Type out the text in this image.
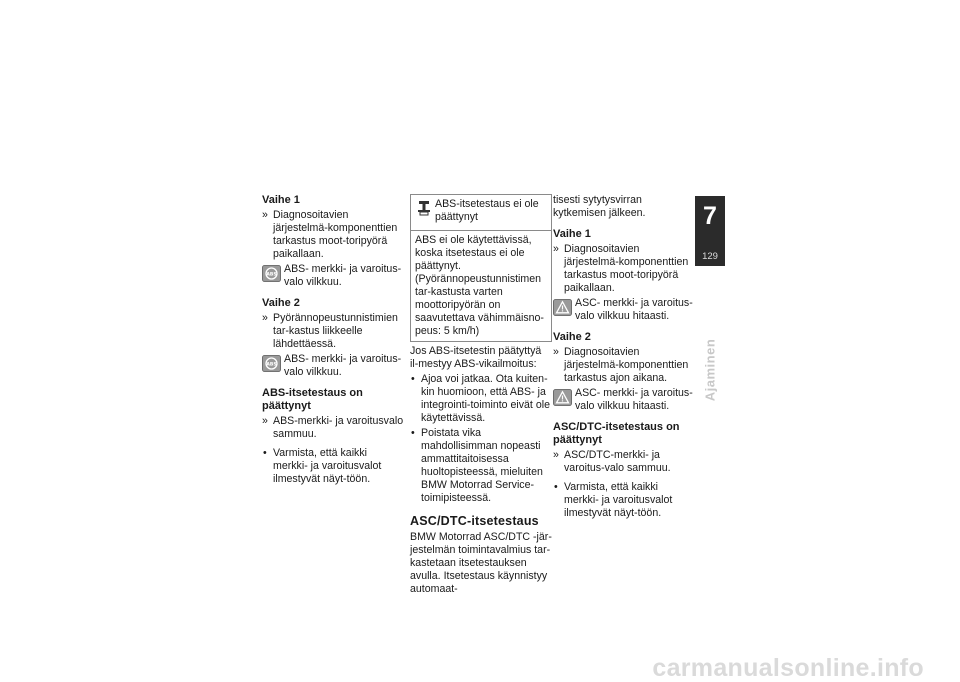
Vaihe 1
» Diagnosoitavien järjestelmä-komponenttien tarkastus moot-toripyörä paikallaan.
ABS ABS- merkki- ja varoitus-valo vilkkuu.
Vaihe 2
» Pyörännopeustunnistimien tar-kastus liikkeelle lähdettäessä.
ABS ABS- merkki- ja varoitus-valo vilkkuu.
ABS-itsetestaus on päättynyt
» ABS-merkki- ja varoitusvalo sammuu.
• Varmista, että kaikki merkki- ja varoitusvalot ilmestyvät näyt-töön.
ABS-itsetestaus ei ole päättynyt
ABS ei ole käytettävissä, koska itsetestaus ei ole päättynyt. (Pyörännopeustunnistimen tar-kastusta varten moottoripyörän on saavutettava vähimmäisno-peus: 5 km/h)

Jos ABS-itsetestin päätyttyä il-mestyy ABS-vikailmoitus:

• Ajoa voi jatkaa. Ota kuiten-kin huomioon, että ABS- ja integrointi-toiminto eivät ole käytettävissä.
• Poistata vika mahdollisimman nopeasti ammattitaitoisessa huoltopisteessä, mieluiten BMW Motorrad Service-toimipisteessä.
ASC/DTC-itsetestaus

BMW Motorrad ASC/DTC -jär-jestelmän toimintavalmius tar-kastetaan itsetestauksen avulla. Itsetestaus käynnistyy automaat-

tisesti sytytysvirran kytkemisen jälkeen.

Vaihe 1
» Diagnosoitavien järjestelmä-komponenttien tarkastus moot-toripyörä paikallaan.
ASC- merkki- ja varoitus-valo vilkkuu hitaasti.
Vaihe 2
» Diagnosoitavien järjestelmä-komponenttien tarkastus ajon aikana.
ASC- merkki- ja varoitus-valo vilkkuu hitaasti.
ASC/DTC-itsetestaus on päättynyt
» ASC/DTC-merkki- ja varoitus-valo sammuu.
• Varmista, että kaikki merkki- ja varoitusvalot ilmestyvät näyt-töön.
7
129
Ajaminen
carmanualsonline.info
